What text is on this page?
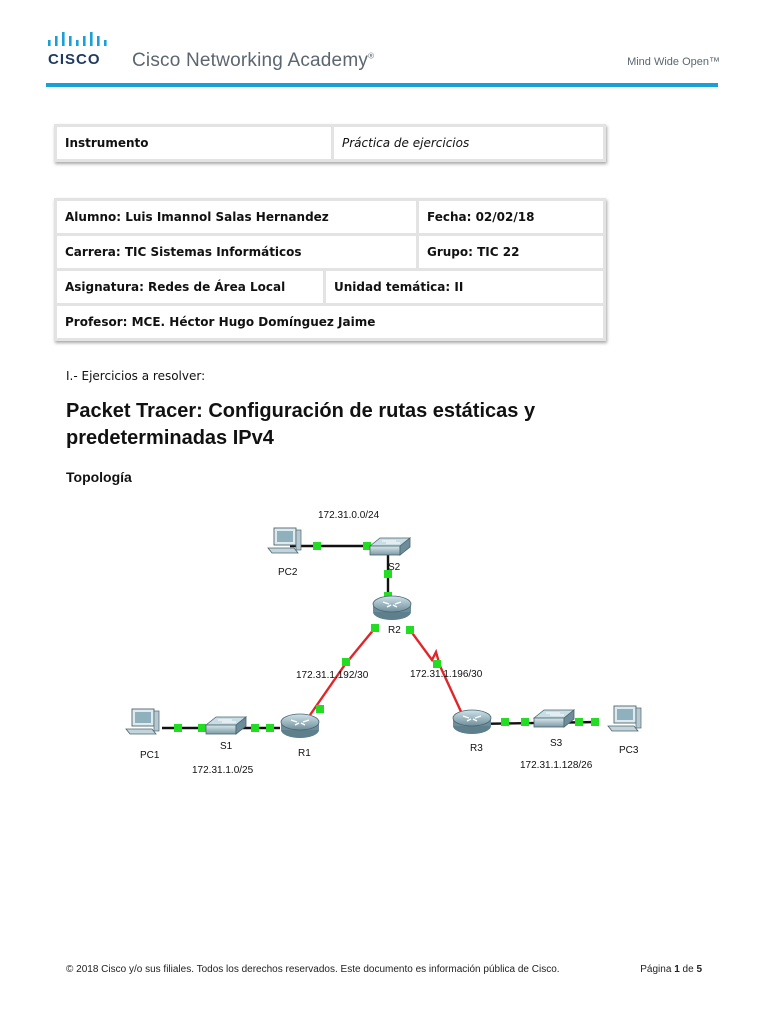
CISCO Cisco Networking Academy®	Mind Wide Open™
Instrumento	Práctica de ejercicios
Alumno: Luis Imannol Salas Hernandez		Fecha: 02/02/18
Carrera: TIC Sistemas Informáticos		Grupo: TIC 22
Asignatura: Redes de Área Local	Unidad temática: II	
Profesor: MCE. Héctor Hugo Domínguez Jaime		
I.- Ejercicios a resolver:
Packet Tracer: Configuración de rutas estáticas y predeterminadas IPv4
Topología
PC2	S2
R2
PC1
S1
R1	R3	S3
PC3
172.31.0.0/24
172.31.1.192/30	172.31.1.196/30
172.31.1.0/25	172.31.1.128/26
© 2018 Cisco y/o sus filiales. Todos los derechos reservados. Este documento es información pública de Cisco.	Página 1 de 5
